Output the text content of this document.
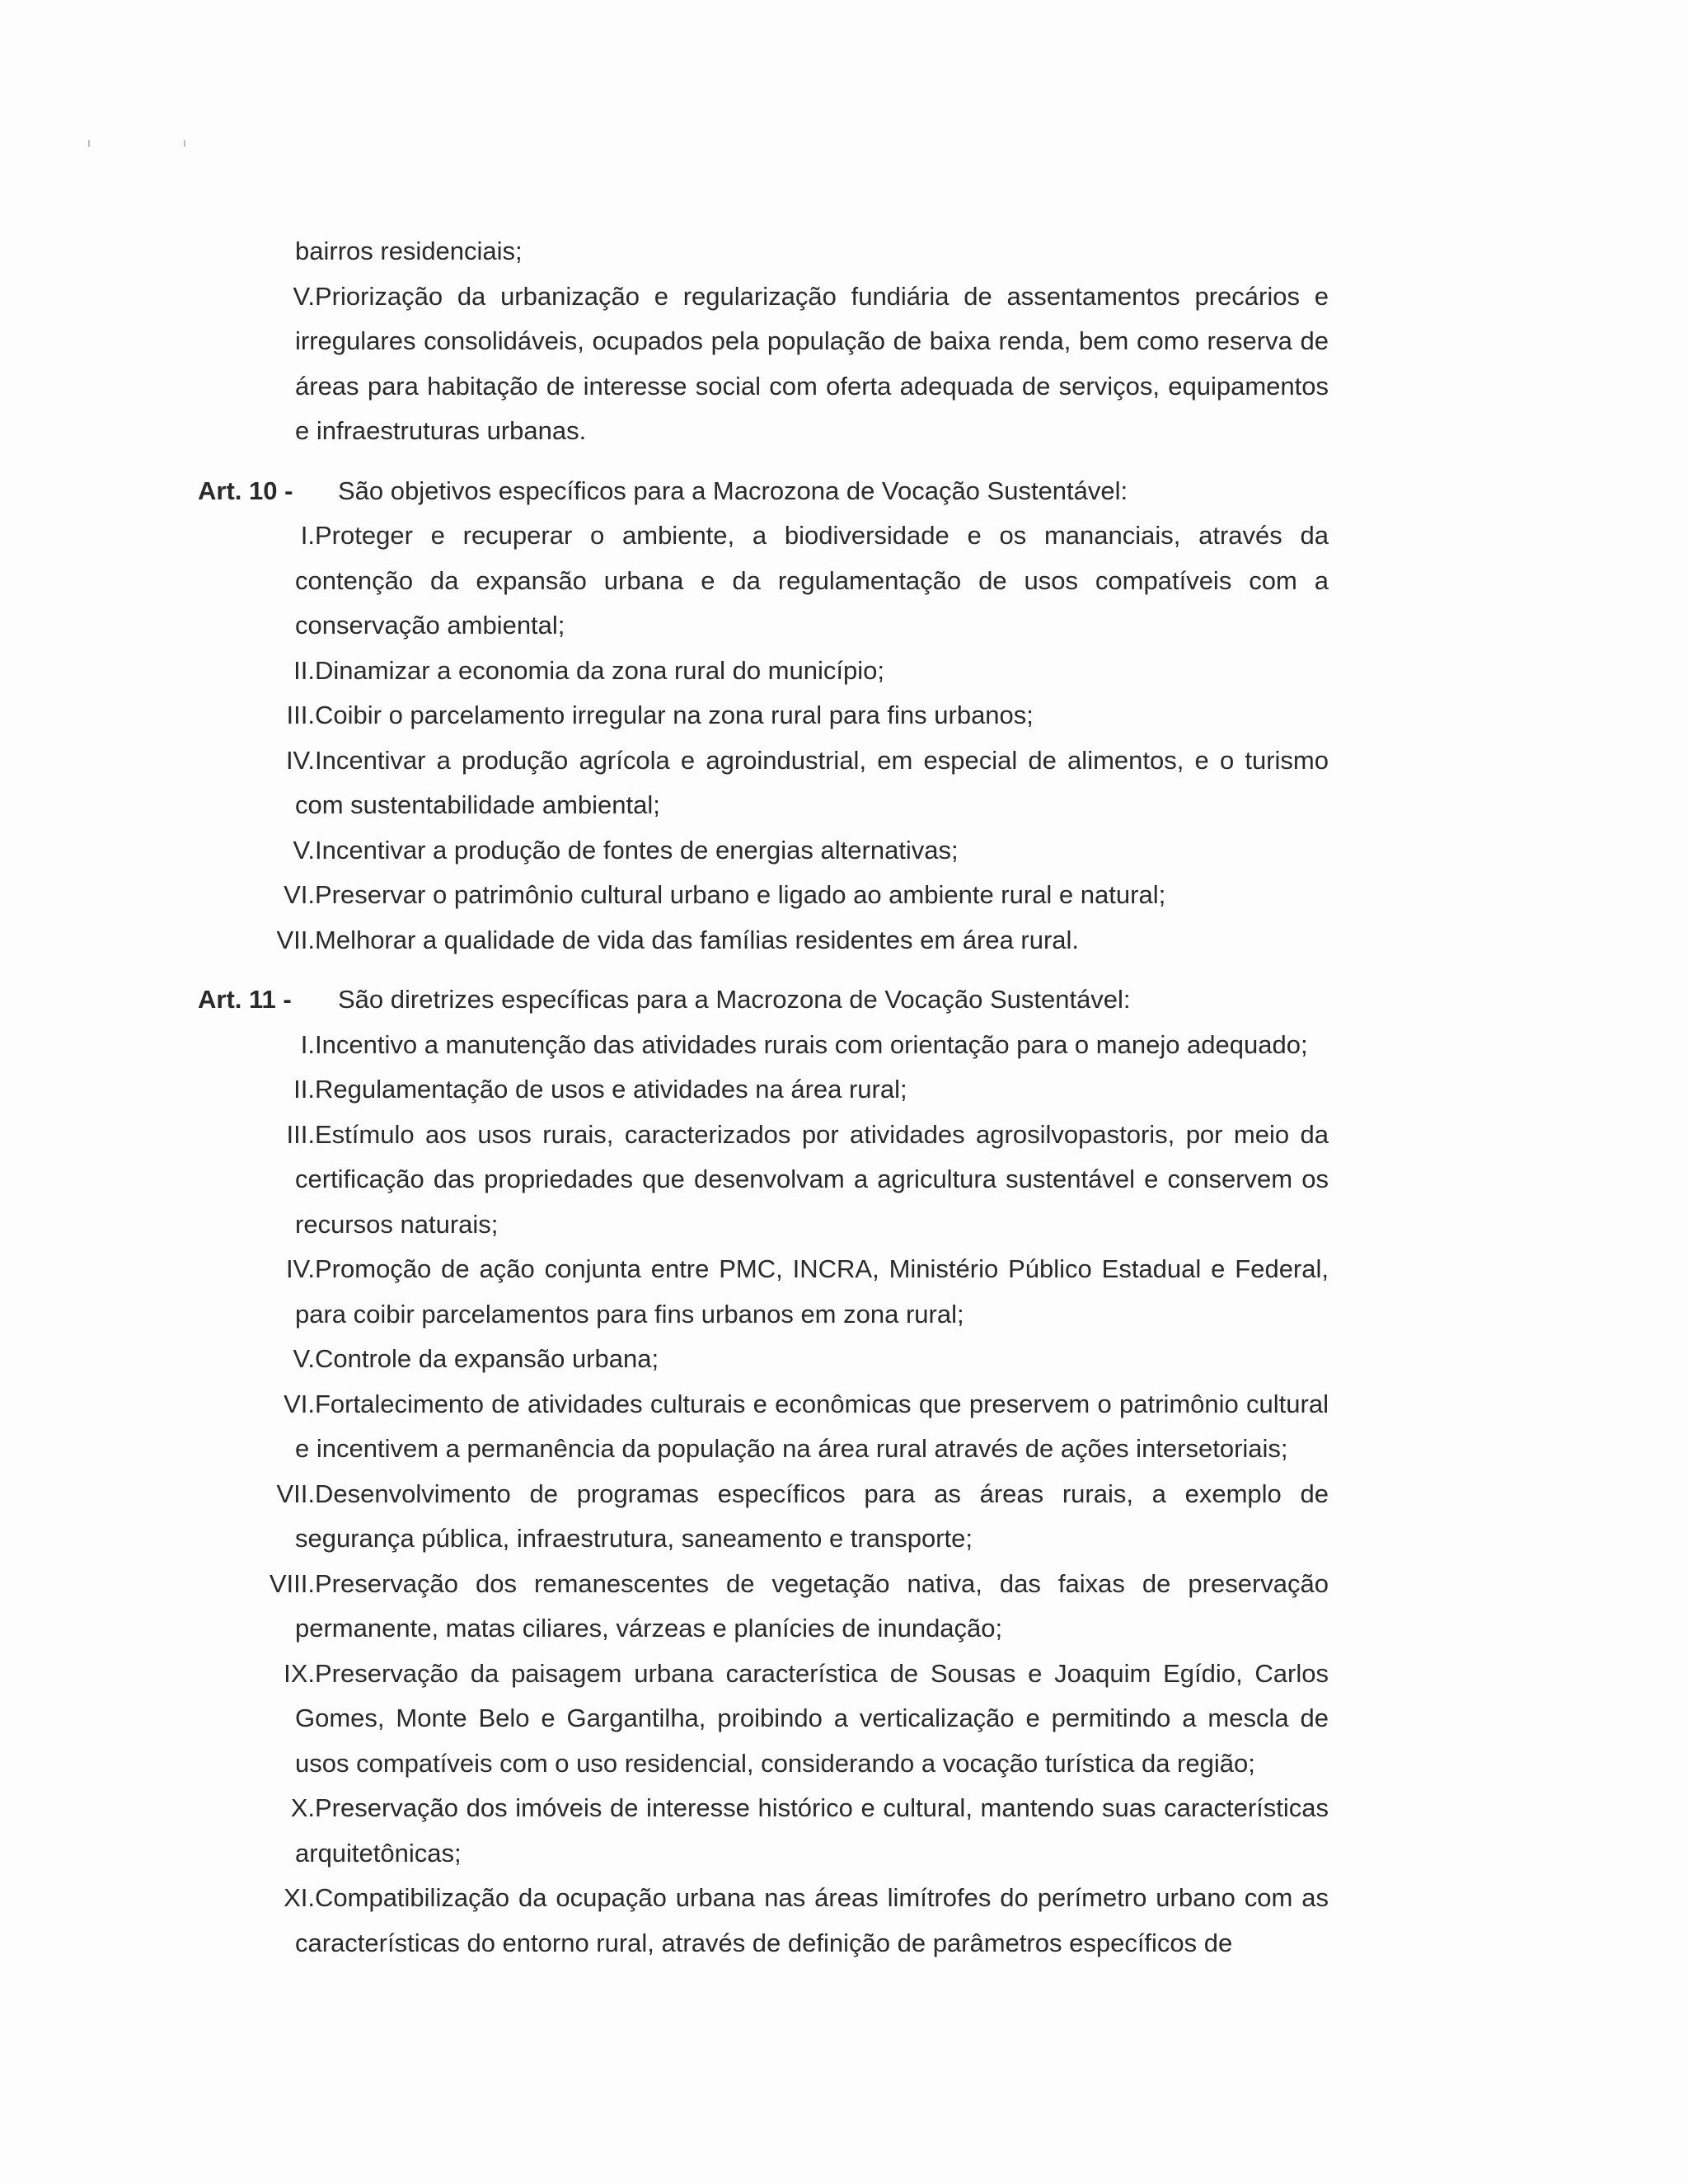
ı	ı
bairros residenciais;
V. Priorização da urbanização e regularização fundiária de assentamentos precários e irregulares consolidáveis, ocupados pela população de baixa renda, bem como reserva de áreas para habitação de interesse social com oferta adequada de serviços, equipamentos e infraestruturas urbanas.
Art. 10 - São objetivos específicos para a Macrozona de Vocação Sustentável:
I. Proteger e recuperar o ambiente, a biodiversidade e os mananciais, através da contenção da expansão urbana e da regulamentação de usos compatíveis com a conservação ambiental;
II. Dinamizar a economia da zona rural do município;
III. Coibir o parcelamento irregular na zona rural para fins urbanos;
IV. Incentivar a produção agrícola e agroindustrial, em especial de alimentos, e o turismo com sustentabilidade ambiental;
V. Incentivar a produção de fontes de energias alternativas;
VI. Preservar o patrimônio cultural urbano e ligado ao ambiente rural e natural;
VII. Melhorar a qualidade de vida das famílias residentes em área rural.
Art. 11 - São diretrizes específicas para a Macrozona de Vocação Sustentável:
I. Incentivo a manutenção das atividades rurais com orientação para o manejo adequado;
II. Regulamentação de usos e atividades na área rural;
III. Estímulo aos usos rurais, caracterizados por atividades agrosilvopastoris, por meio da certificação das propriedades que desenvolvam a agricultura sustentável e conservem os recursos naturais;
IV. Promoção de ação conjunta entre PMC, INCRA, Ministério Público Estadual e Federal, para coibir parcelamentos para fins urbanos em zona rural;
V. Controle da expansão urbana;
VI. Fortalecimento de atividades culturais e econômicas que preservem o patrimônio cultural e incentivem a permanência da população na área rural através de ações intersetoriais;
VII. Desenvolvimento de programas específicos para as áreas rurais, a exemplo de segurança pública, infraestrutura, saneamento e transporte;
VIII. Preservação dos remanescentes de vegetação nativa, das faixas de preservação permanente, matas ciliares, várzeas e planícies de inundação;
IX. Preservação da paisagem urbana característica de Sousas e Joaquim Egídio, Carlos Gomes, Monte Belo e Gargantilha, proibindo a verticalização e permitindo a mescla de usos compatíveis com o uso residencial, considerando a vocação turística da região;
X. Preservação dos imóveis de interesse histórico e cultural, mantendo suas características arquitetônicas;
XI. Compatibilização da ocupação urbana nas áreas limítrofes do perímetro urbano com as características do entorno rural, através de definição de parâmetros específicos de
